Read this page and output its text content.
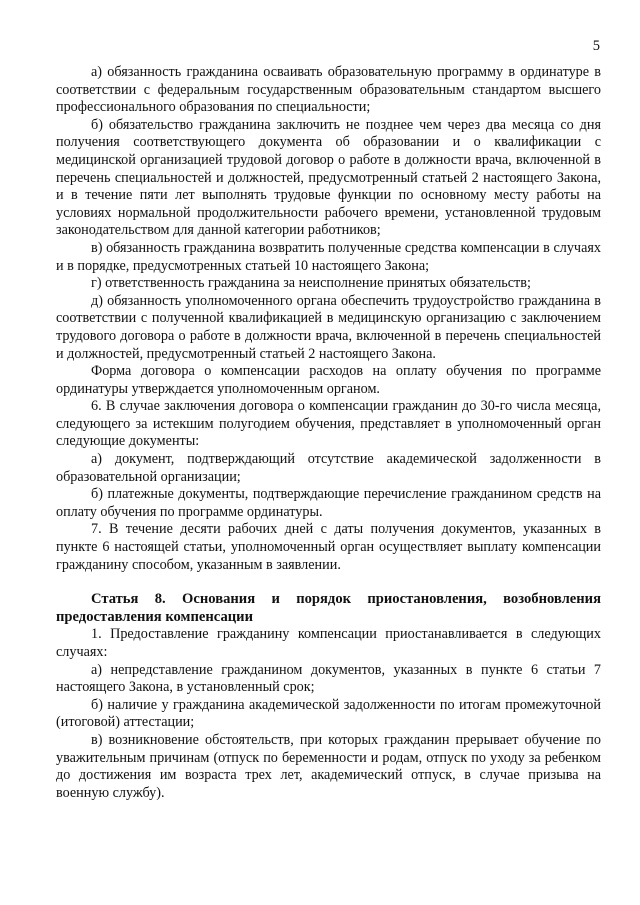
5

а) обязанность гражданина осваивать образовательную программу в ординатуре в соответствии с федеральным государственным образовательным стандартом высшего профессионального образования по специальности;

б) обязательство гражданина заключить не позднее чем через два месяца со дня получения соответствующего документа об образовании и о квалификации с медицинской организацией трудовой договор о работе в должности врача, включенной в перечень специальностей и должностей, предусмотренный статьей 2 настоящего Закона, и в течение пяти лет выполнять трудовые функции по основному месту работы на условиях нормальной продолжительности рабочего времени, установленной трудовым законодательством для данной категории работников;

в) обязанность гражданина возвратить полученные средства компенсации в случаях и в порядке, предусмотренных статьей 10 настоящего Закона;

г) ответственность гражданина за неисполнение принятых обязательств;

д) обязанность уполномоченного органа обеспечить трудоустройство гражданина в соответствии с полученной квалификацией в медицинскую организацию с заключением трудового договора о работе в должности врача, включенной в перечень специальностей и должностей, предусмотренный статьей 2 настоящего Закона.

Форма договора о компенсации расходов на оплату обучения по программе ординатуры утверждается уполномоченным органом.

6. В случае заключения договора о компенсации гражданин до 30-го числа месяца, следующего за истекшим полугодием обучения, представляет в уполномоченный орган следующие документы:

а) документ, подтверждающий отсутствие академической задолженности в образовательной организации;

б) платежные документы, подтверждающие перечисление гражданином средств на оплату обучения по программе ординатуры.

7. В течение десяти рабочих дней с даты получения документов, указанных в пункте 6 настоящей статьи, уполномоченный орган осуществляет выплату компенсации гражданину способом, указанным в заявлении.

Статья 8. Основания и порядок приостановления, возобновления предоставления компенсации

1. Предоставление гражданину компенсации приостанавливается в следующих случаях:

а) непредставление гражданином документов, указанных в пункте 6 статьи 7 настоящего Закона, в установленный срок;

б) наличие у гражданина академической задолженности по итогам промежуточной (итоговой) аттестации;

в) возникновение обстоятельств, при которых гражданин прерывает обучение по уважительным причинам (отпуск по беременности и родам, отпуск по уходу за ребенком до достижения им возраста трех лет, академический отпуск, в случае призыва на военную службу).
